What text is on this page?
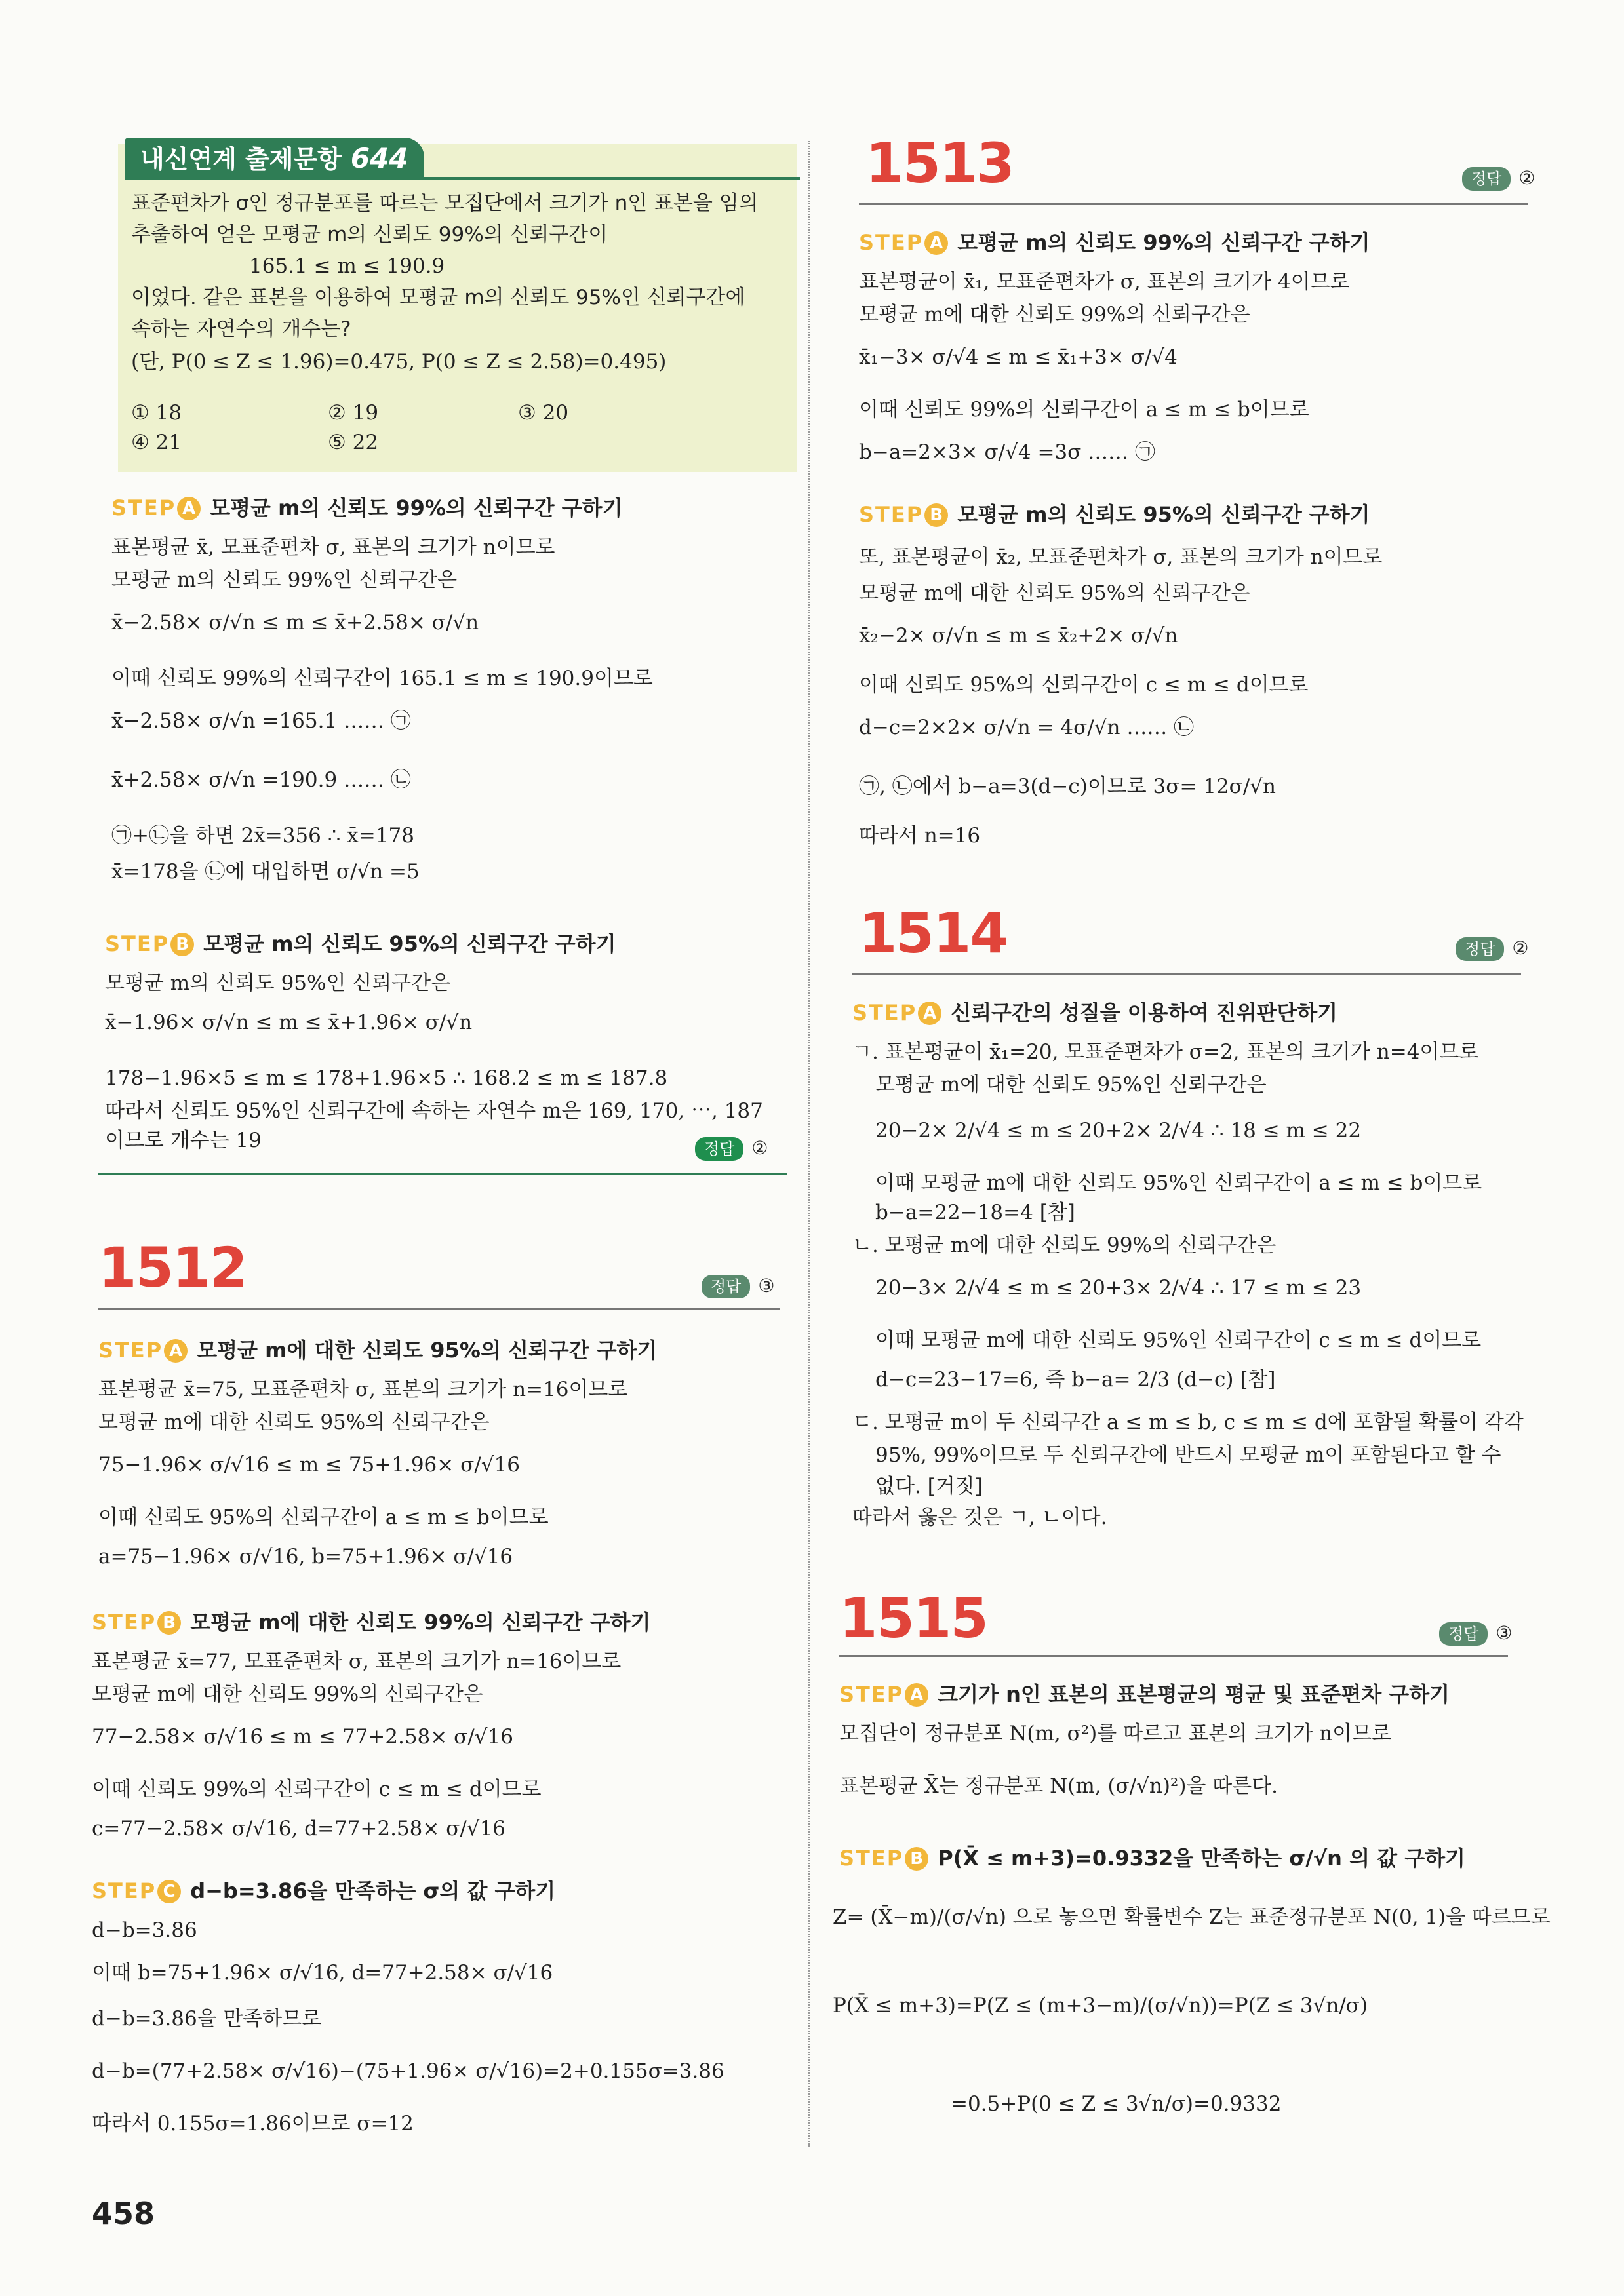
내신연계 출제문항 644
표준편차가 σ인 정규분포를 따르는 모집단에서 크기가 n인 표본을 임의
추출하여 얻은 모평균 m의 신뢰도 99%의 신뢰구간이
165.1 ≤ m ≤ 190.9
이었다. 같은 표본을 이용하여 모평균 m의 신뢰도 95%인 신뢰구간에
속하는 자연수의 개수는?
(단, P(0 ≤ Z ≤ 1.96)=0.475, P(0 ≤ Z ≤ 2.58)=0.495)
① 18	② 19	③ 20
④ 21	⑤ 22
STEP A 모평균 m의 신뢰도 99%의 신뢰구간 구하기
표본평균 x̄, 모표준편차 σ, 표본의 크기가 n이므로
모평균 m의 신뢰도 99%인 신뢰구간은
x̄−2.58× σ/√n ≤ m ≤ x̄+2.58× σ/√n
이때 신뢰도 99%의 신뢰구간이 165.1 ≤ m ≤ 190.9이므로
x̄−2.58× σ/√n =165.1 …… ㉠
x̄+2.58× σ/√n =190.9 …… ㉡
㉠+㉡을 하면 2x̄=356 ∴ x̄=178
x̄=178을 ㉡에 대입하면 σ/√n =5
STEP B 모평균 m의 신뢰도 95%의 신뢰구간 구하기
모평균 m의 신뢰도 95%인 신뢰구간은
x̄−1.96× σ/√n ≤ m ≤ x̄+1.96× σ/√n
178−1.96×5 ≤ m ≤ 178+1.96×5 ∴ 168.2 ≤ m ≤ 187.8
따라서 신뢰도 95%인 신뢰구간에 속하는 자연수 m은 169, 170, ⋯, 187
이므로 개수는 19	정답 ②
1512	정답 ③
STEP A 모평균 m에 대한 신뢰도 95%의 신뢰구간 구하기
표본평균 x̄=75, 모표준편차 σ, 표본의 크기가 n=16이므로
모평균 m에 대한 신뢰도 95%의 신뢰구간은
75−1.96× σ/√16 ≤ m ≤ 75+1.96× σ/√16
이때 신뢰도 95%의 신뢰구간이 a ≤ m ≤ b이므로
a=75−1.96× σ/√16, b=75+1.96× σ/√16
STEP B 모평균 m에 대한 신뢰도 99%의 신뢰구간 구하기
표본평균 x̄=77, 모표준편차 σ, 표본의 크기가 n=16이므로
모평균 m에 대한 신뢰도 99%의 신뢰구간은
77−2.58× σ/√16 ≤ m ≤ 77+2.58× σ/√16
이때 신뢰도 99%의 신뢰구간이 c ≤ m ≤ d이므로
c=77−2.58× σ/√16, d=77+2.58× σ/√16
STEP C d−b=3.86을 만족하는 σ의 값 구하기
d−b=3.86
이때 b=75+1.96× σ/√16, d=77+2.58× σ/√16
d−b=3.86을 만족하므로
d−b=(77+2.58× σ/√16)−(75+1.96× σ/√16)=2+0.155σ=3.86
따라서 0.155σ=1.86이므로 σ=12
1513	정답 ②
STEP A 모평균 m의 신뢰도 99%의 신뢰구간 구하기
표본평균이 x̄₁, 모표준편차가 σ, 표본의 크기가 4이므로
모평균 m에 대한 신뢰도 99%의 신뢰구간은
x̄₁−3× σ/√4 ≤ m ≤ x̄₁+3× σ/√4
이때 신뢰도 99%의 신뢰구간이 a ≤ m ≤ b이므로
b−a=2×3× σ/√4 =3σ …… ㉠
STEP B 모평균 m의 신뢰도 95%의 신뢰구간 구하기
또, 표본평균이 x̄₂, 모표준편차가 σ, 표본의 크기가 n이므로
모평균 m에 대한 신뢰도 95%의 신뢰구간은
x̄₂−2× σ/√n ≤ m ≤ x̄₂+2× σ/√n
이때 신뢰도 95%의 신뢰구간이 c ≤ m ≤ d이므로
d−c=2×2× σ/√n = 4σ/√n …… ㉡
㉠, ㉡에서 b−a=3(d−c)이므로 3σ= 12σ/√n
따라서 n=16
1514	정답 ②
STEP A 신뢰구간의 성질을 이용하여 진위판단하기
ㄱ. 표본평균이 x̄₁=20, 모표준편차가 σ=2, 표본의 크기가 n=4이므로
모평균 m에 대한 신뢰도 95%인 신뢰구간은
20−2× 2/√4 ≤ m ≤ 20+2× 2/√4 ∴ 18 ≤ m ≤ 22
이때 모평균 m에 대한 신뢰도 95%인 신뢰구간이 a ≤ m ≤ b이므로
b−a=22−18=4 [참]
ㄴ. 모평균 m에 대한 신뢰도 99%의 신뢰구간은
20−3× 2/√4 ≤ m ≤ 20+3× 2/√4 ∴ 17 ≤ m ≤ 23
이때 모평균 m에 대한 신뢰도 95%인 신뢰구간이 c ≤ m ≤ d이므로
d−c=23−17=6, 즉 b−a= 2/3 (d−c) [참]
ㄷ. 모평균 m이 두 신뢰구간 a ≤ m ≤ b, c ≤ m ≤ d에 포함될 확률이 각각
95%, 99%이므로 두 신뢰구간에 반드시 모평균 m이 포함된다고 할 수
없다. [거짓]
따라서 옳은 것은 ㄱ, ㄴ이다.
1515	정답 ③
STEP A 크기가 n인 표본의 표본평균의 평균 및 표준편차 구하기
모집단이 정규분포 N(m, σ²)를 따르고 표본의 크기가 n이므로
표본평균 X̄는 정규분포 N(m, (σ/√n)²)을 따른다.
STEP B P(X̄ ≤ m+3)=0.9332을 만족하는 σ/√n 의 값 구하기
Z= (X̄−m)/(σ/√n) 으로 놓으면 확률변수 Z는 표준정규분포 N(0, 1)을 따르므로
P(X̄ ≤ m+3)=P(Z ≤ (m+3−m)/(σ/√n))=P(Z ≤ 3√n/σ)
=0.5+P(0 ≤ Z ≤ 3√n/σ)=0.9332
458
